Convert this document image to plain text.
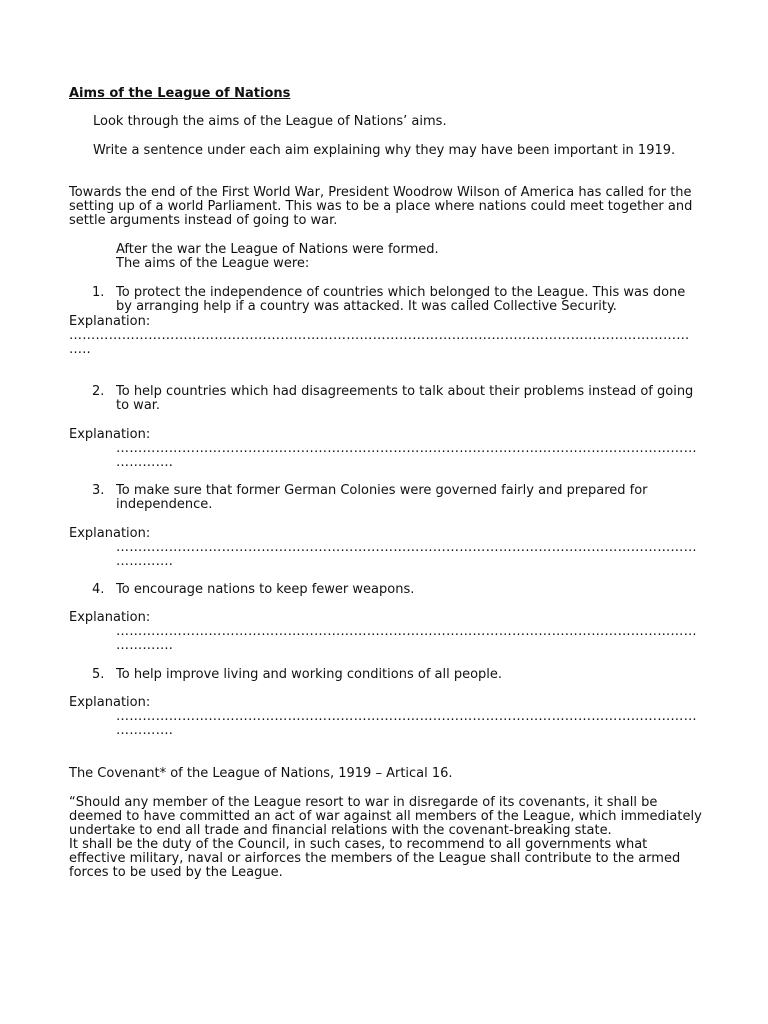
Aims of the League of Nations

Look through the aims of the League of Nations’ aims.

Write a sentence under each aim explaining why they may have been important in 1919.

Towards the end of the First World War, President Woodrow Wilson of America has called for the
setting up of a world Parliament. This was to be a place where nations could meet together and
settle arguments instead of going to war.
After the war the League of Nations were formed.
The aims of the League were:
1. To protect the independence of countries which belonged to the League. This was done
by arranging help if a country was attacked. It was called Collective Security.
Explanation:
……………………………………………………………………………………………………………………………
…..
2. To help countries which had disagreements to talk about their problems instead of going
to war.
Explanation:
……………………………………………………………………………………………………………………
………….
3. To make sure that former German Colonies were governed fairly and prepared for
independence.
Explanation:
……………………………………………………………………………………………………………………
………….
4. To encourage nations to keep fewer weapons.
Explanation:
……………………………………………………………………………………………………………………
………….
5. To help improve living and working conditions of all people.
Explanation:
……………………………………………………………………………………………………………………
………….

The Covenant* of the League of Nations, 1919 – Artical 16.

“Should any member of the League resort to war in disregarde of its covenants, it shall be
deemed to have committed an act of war against all members of the League, which immediately
undertake to end all trade and financial relations with the covenant-breaking state.
It shall be the duty of the Council, in such cases, to recommend to all governments what
effective military, naval or airforces the members of the League shall contribute to the armed
forces to be used by the League.
